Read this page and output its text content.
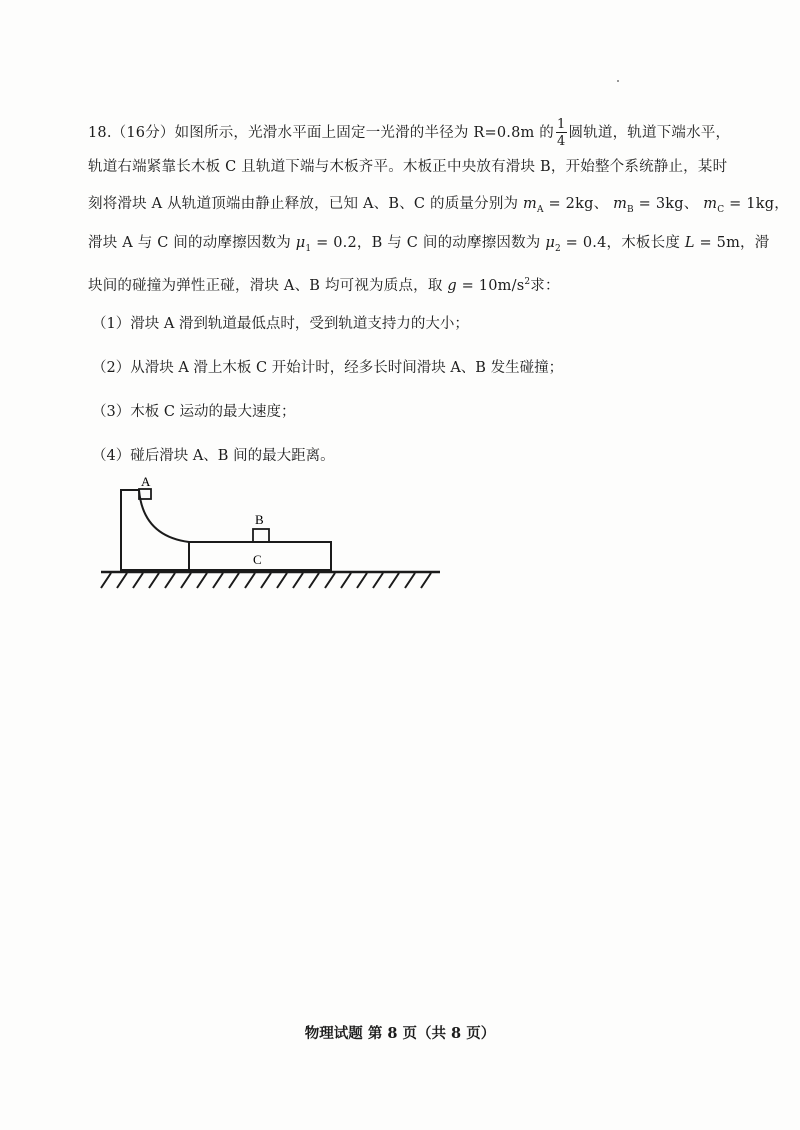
18.（16分）如图所示，光滑水平面上固定一光滑的半径为 R=0.8m 的 $\frac{1}{4}$ 圆轨道，轨道下端水平，
轨道右端紧靠长木板 C 且轨道下端与木板齐平。木板正中央放有滑块 B，开始整个系统静止，某时
刻将滑块 A 从轨道顶端由静止释放，已知 A、B、C 的质量分别为 $m_A = 2kg$、 $m_B = 3kg$、 $m_C = 1kg$，
滑块 A 与 C 间的动摩擦因数为 $\mu_1 = 0.2$，B 与 C 间的动摩擦因数为 $\mu_2 = 0.4$，木板长度 L = 5m，滑
块间的碰撞为弹性正碰，滑块 A、B 均可视为质点，取 $g = 10m/s^2$求：
（1）滑块 A 滑到轨道最低点时，受到轨道支持力的大小；
（2）从滑块 A 滑上木板 C 开始计时，经多长时间滑块 A、B 发生碰撞；
（3）木板 C 运动的最大速度；
（4）碰后滑块 A、B 间的最大距离。
A
C
B
物理试题 第 8 页（共 8 页）
